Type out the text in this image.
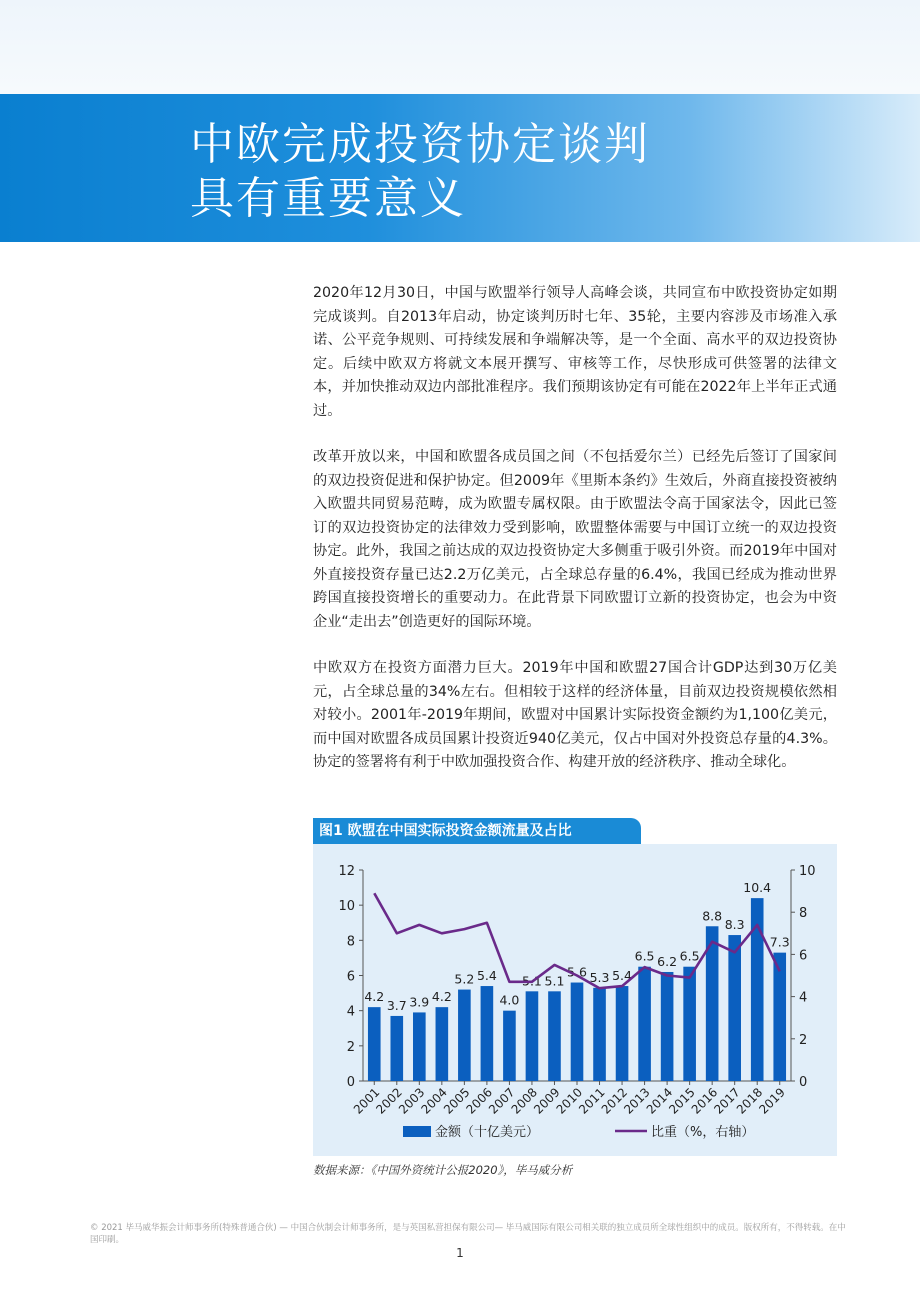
中欧完成投资协定谈判
具有重要意义

2020年12月30日，中国与欧盟举行领导人高峰会谈，共同宣布中欧投资协定如期完成谈判。自2013年启动，协定谈判历时七年、35轮，主要内容涉及市场准入承诺、公平竞争规则、可持续发展和争端解决等，是一个全面、高水平的双边投资协定。后续中欧双方将就文本展开撰写、审核等工作，尽快形成可供签署的法律文本，并加快推动双边内部批准程序。我们预期该协定有可能在2022年上半年正式通过。

改革开放以来，中国和欧盟各成员国之间（不包括爱尔兰）已经先后签订了国家间的双边投资促进和保护协定。但2009年《里斯本条约》生效后，外商直接投资被纳入欧盟共同贸易范畴，成为欧盟专属权限。由于欧盟法令高于国家法令，因此已签订的双边投资协定的法律效力受到影响，欧盟整体需要与中国订立统一的双边投资协定。此外，我国之前达成的双边投资协定大多侧重于吸引外资。而2019年中国对外直接投资存量已达2.2万亿美元，占全球总存量的6.4%，我国已经成为推动世界跨国直接投资增长的重要动力。在此背景下同欧盟订立新的投资协定，也会为中资企业“走出去”创造更好的国际环境。

中欧双方在投资方面潜力巨大。2019年中国和欧盟27国合计GDP达到30万亿美元，占全球总量的34%左右。但相较于这样的经济体量，目前双边投资规模依然相对较小。2001年-2019年期间，欧盟对中国累计实际投资金额约为1,100亿美元，而中国对欧盟各成员国累计投资近940亿美元，仅占中国对外投资总存量的4.3%。协定的签署将有利于中欧加强投资合作、构建开放的经济秩序、推动全球化。

图1 欧盟在中国实际投资金额流量及占比
0
2
4
6
8
10
12
0
2
4
6
8
10
4.2
3.7 3.9 4.2
5.2 5.4
4.0
5.1 5.1
5.6 5.3 5.4
6.5 6.2 6.5
8.8
8.3
10.4
7.3
2001
2002
2003
2004
2005
2006
2007
2008
2009
2010
2011
2012
2013
2014
2015
2016
2017
2018
2019
金额（十亿美元）	比重（%，右轴）
数据来源：《中国外资统计公报2020》，毕马威分析
© 2021 毕马威华振会计师事务所(特殊普通合伙) — 中国合伙制会计师事务所，是与英国私营担保有限公司— 毕马威国际有限公司相关联的独立成员所全球性组织中的成员。版权所有，不得转载。在中国印刷。
1
